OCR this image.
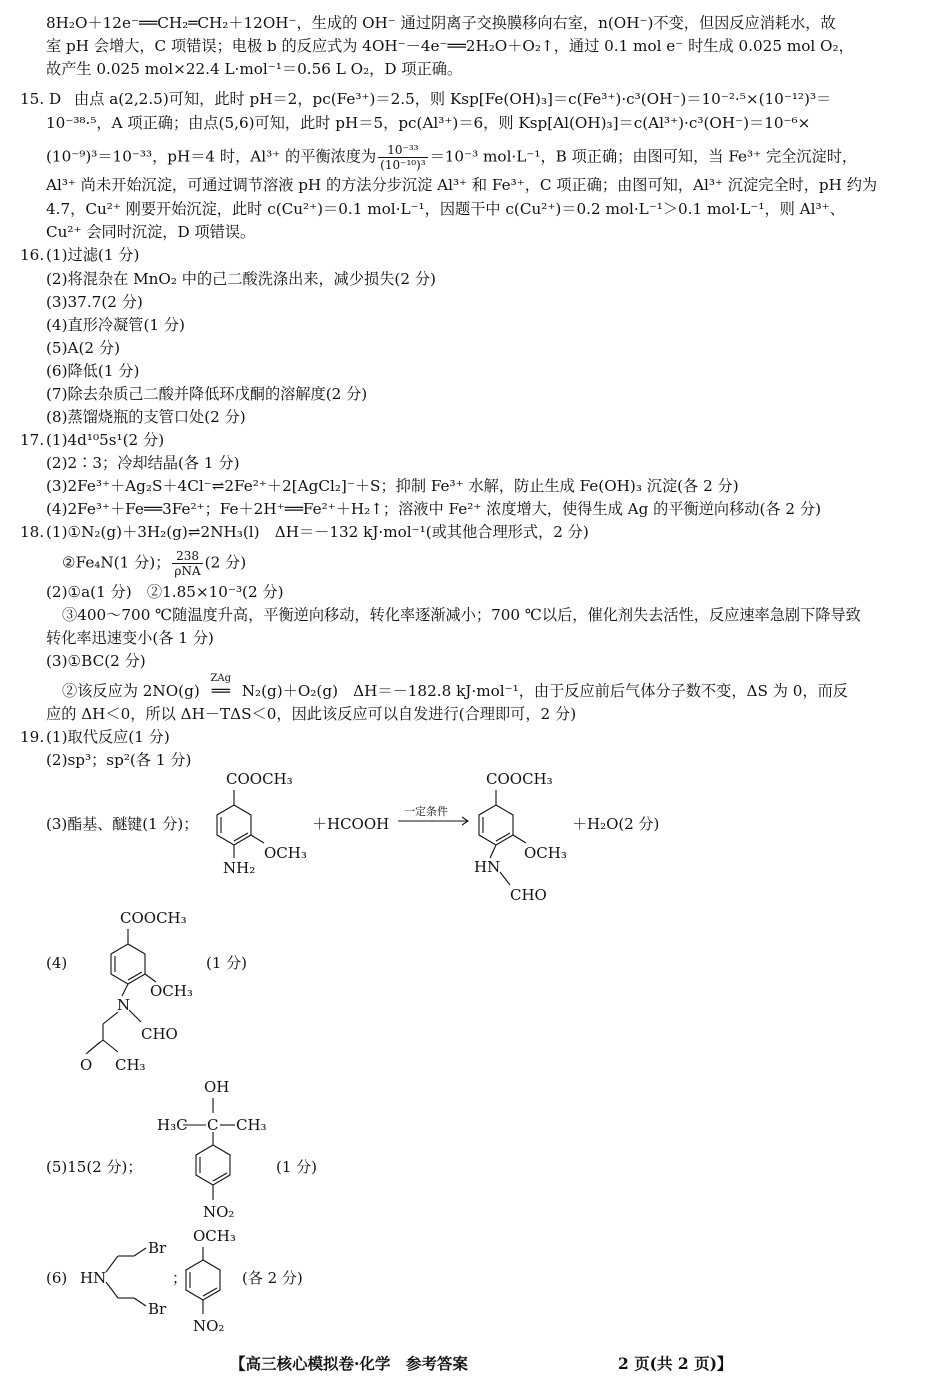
8H₂O＋12e⁻══CH₂═CH₂＋12OH⁻，生成的 OH⁻ 通过阴离子交换膜移向右室，n(OH⁻)不变，但因反应消耗水，故
室 pH 会增大，C 项错误；电极 b 的反应式为 4OH⁻－4e⁻══2H₂O＋O₂↑，通过 0.1 mol e⁻ 时生成 0.025 mol O₂，
故产生 0.025 mol×22.4 L·mol⁻¹＝0.56 L O₂，D 项正确。
15. D 由点 a(2,2.5)可知，此时 pH＝2，pc(Fe³⁺)＝2.5，则 Ksp[Fe(OH)₃]＝c(Fe³⁺)·c³(OH⁻)＝10⁻²·⁵×(10⁻¹²)³＝
10⁻³⁸·⁵，A 项正确；由点(5,6)可知，此时 pH＝5，pc(Al³⁺)＝6，则 Ksp[Al(OH)₃]＝c(Al³⁺)·c³(OH⁻)＝10⁻⁶×
(10⁻⁹)³＝10⁻³³，pH＝4 时，Al³⁺ 的平衡浓度为 $\frac{\text{10⁻³³}}{\text{(10⁻¹⁰)³}} =10^{-3}$ mol·L⁻¹，B 项正确；由图可知，当 Fe³⁺ 完全沉淀时，
Al³⁺ 尚未开始沉淀，可通过调节溶液 pH 的方法分步沉淀 Al³⁺ 和 Fe³⁺，C 项正确；由图可知，Al³⁺ 沉淀完全时，pH 约为
4.7，Cu²⁺ 刚要开始沉淀，此时 c(Cu²⁺)＝0.1 mol·L⁻¹，因题干中 c(Cu²⁺)＝0.2 mol·L⁻¹＞0.1 mol·L⁻¹，则 Al³⁺、
Cu²⁺ 会同时沉淀，D 项错误。
16. (1)过滤(1 分)
(2)将混杂在 MnO₂ 中的己二酸洗涤出来，减少损失(2 分)
(3)37.7(2 分)
(4)直形冷凝管(1 分)
(5)A(2 分)
(6)降低(1 分)
(7)除去杂质己二酸并降低环戊酮的溶解度(2 分)
(8)蒸馏烧瓶的支管口处(2 分)
17. (1)4d¹⁰5s¹(2 分)
(2)2∶3；冷却结晶(各 1 分)
(3)2Fe³⁺＋Ag₂S＋4Cl⁻⇌2Fe²⁺＋2[AgCl₂]⁻＋S；抑制 Fe³⁺ 水解，防止生成 Fe(OH)₃ 沉淀(各 2 分)
(4)2Fe³⁺＋Fe══3Fe²⁺；Fe＋2H⁺══Fe²⁺＋H₂↑；溶液中 Fe²⁺ 浓度增大，使得生成 Ag 的平衡逆向移动(各 2 分)
18. (1)①N₂(g)＋3H₂(g)⇌2NH₃(l)　ΔH＝－132 kJ·mol⁻¹(或其他合理形式，2 分)
②Fe₄N(1 分)； $\frac{238}{\text{ρNA}} (2$ 分)
(2)①a(1 分)　②1.85×10⁻³(2 分)
③400～700 ℃随温度升高，平衡逆向移动，转化率逐渐减小；700 ℃以后，催化剂失去活性，反应速率急剧下降导致
转化率迅速变小(各 1 分)
(3)①BC(2 分)
②该反应为 2NO(g)
ZAg
══ N₂(g)＋O₂(g)　ΔH＝－182.8 kJ·mol⁻¹，由于反应前后气体分子数不变，ΔS 为 0，而反
应的 ΔH＜0，所以 ΔH－TΔS＜0，因此该反应可以自发进行(合理即可，2 分)
19. (1)取代反应(1 分)
(2)sp³；sp²(各 1 分)
(3)酯基、醚键(1 分)；
COOCH₃
OCH₃
NH₂
＋HCOOH
一定条件
COOCH₃
OCH₃
HN
CHO
＋H₂O(2 分)
(4)
COOCH₃
OCH₃
N
CHO
O CH₃
(1 分)
(5)15(2 分)；
OH
H₃C C CH₃
NO₂
(1 分)
(6) HN
Br
Br
；
OCH₃
NO₂
(各 2 分)
【高三核心模拟卷·化学　参考答案	2 页(共 2 页)】
